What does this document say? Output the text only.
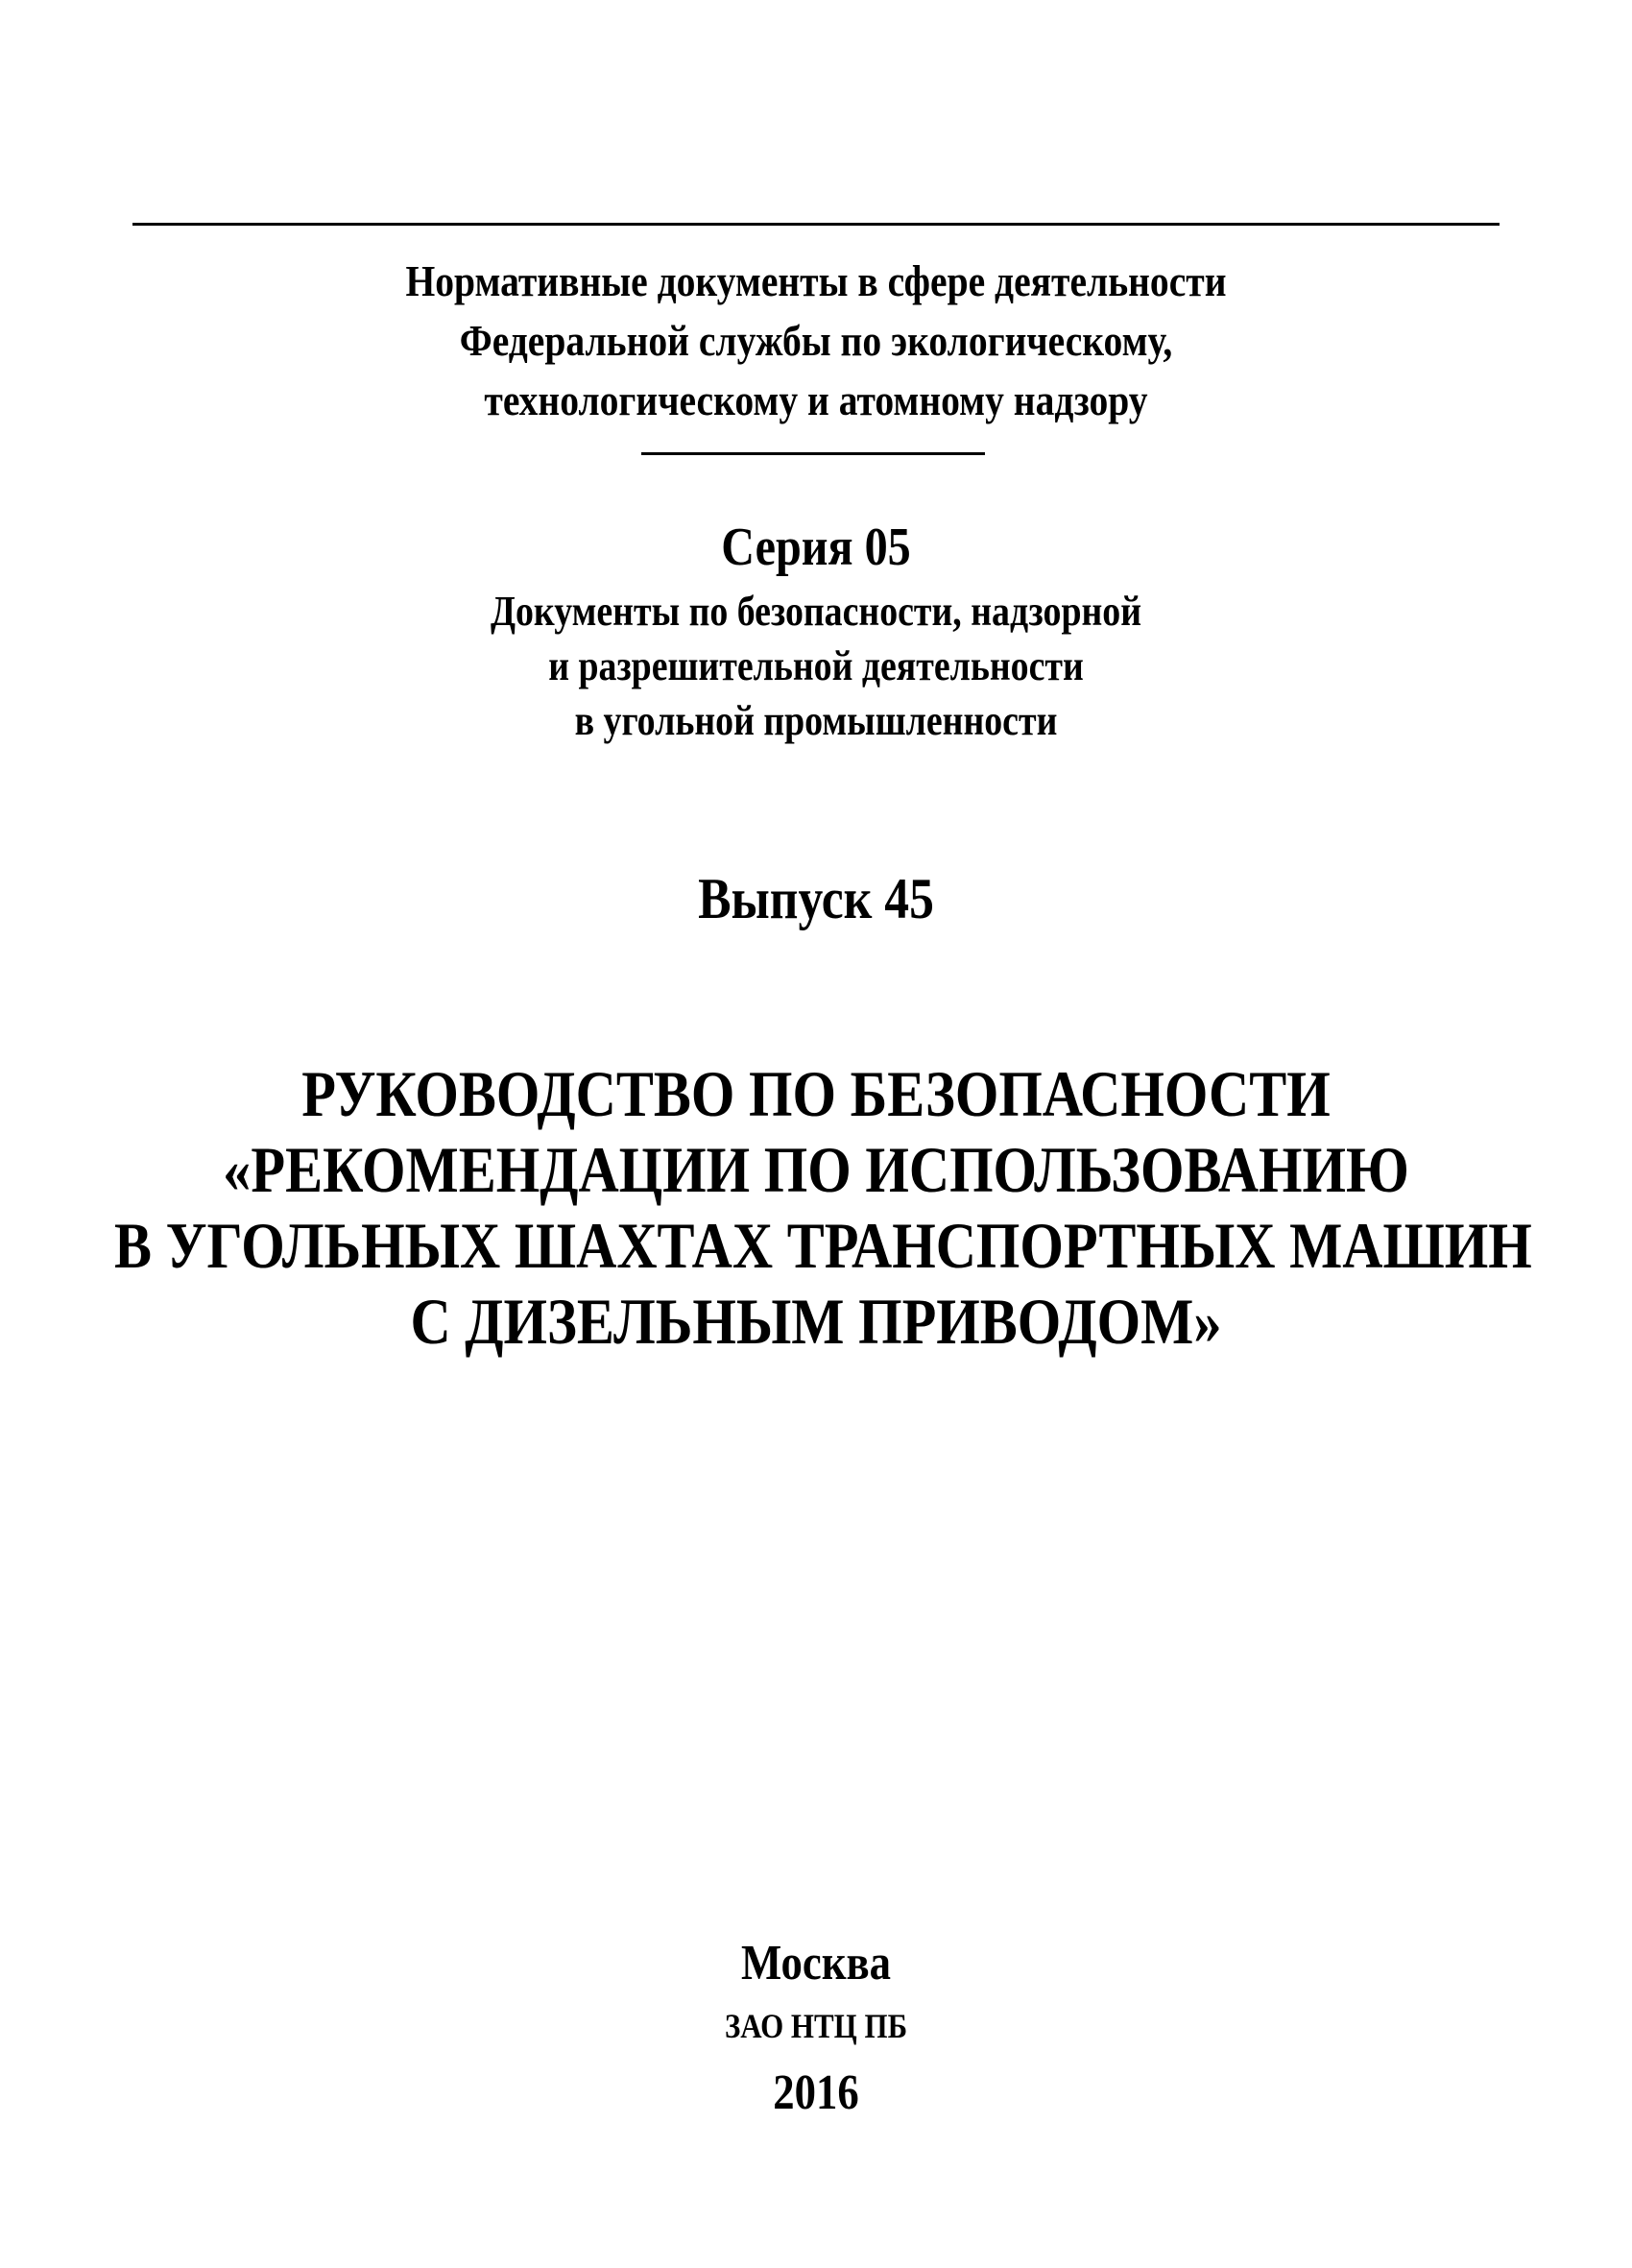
Нормативные документы в сфере деятельности
Федеральной службы по экологическому,
технологическому и атомному надзору
Серия 05
Документы по безопасности, надзорной
и разрешительной деятельности
в угольной промышленности
Выпуск 45
РУКОВОДСТВО ПО БЕЗОПАСНОСТИ
«РЕКОМЕНДАЦИИ ПО ИСПОЛЬЗОВАНИЮ
В УГОЛЬНЫХ ШАХТАХ ТРАНСПОРТНЫХ МАШИН
С ДИЗЕЛЬНЫМ ПРИВОДОМ»
Москва
ЗАО НТЦ ПБ
2016
